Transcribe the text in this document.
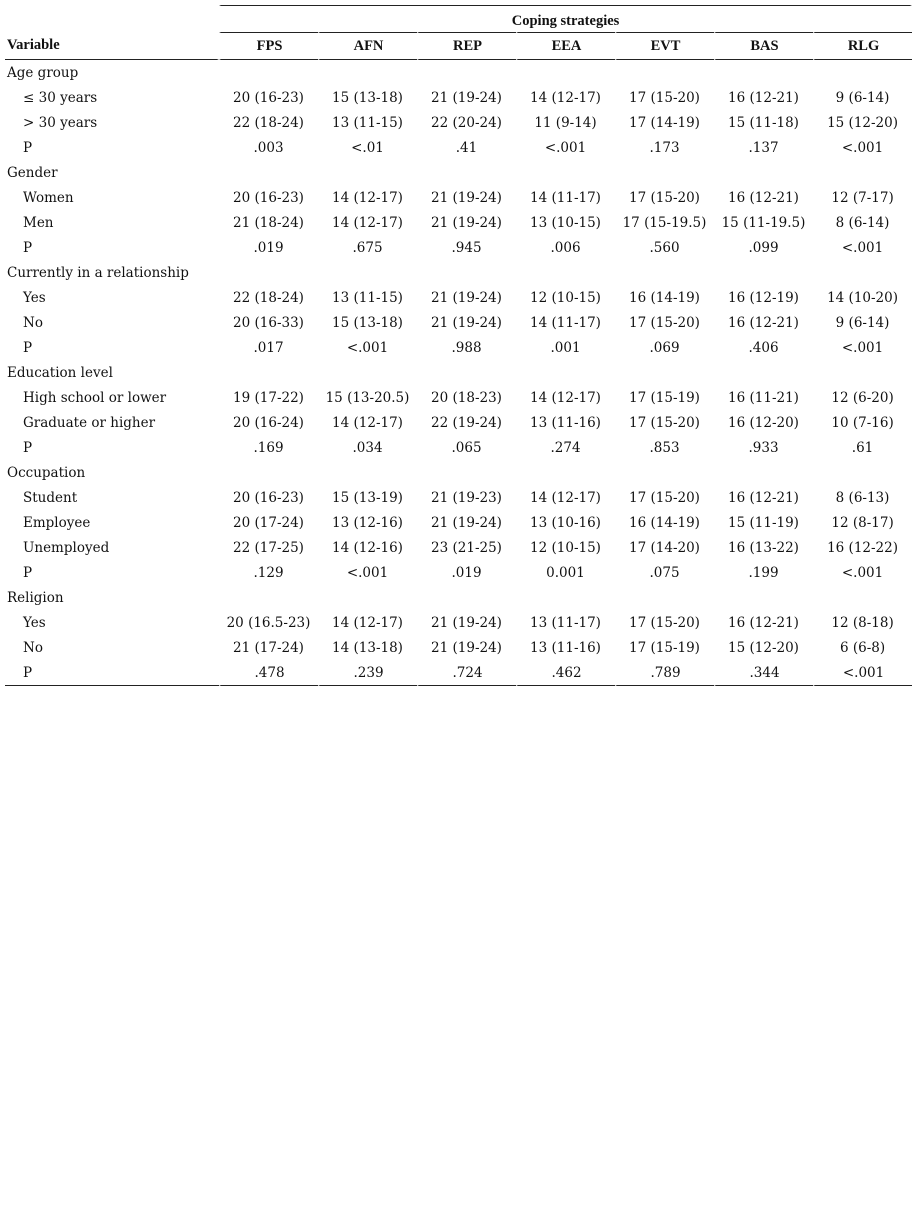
	Coping strategies						
Variable	FPS	AFN	REP	EEA	EVT	BAS	RLG
Age group							
≤ 30 years	20 (16-23)	15 (13-18)	21 (19-24)	14 (12-17)	17 (15-20)	16 (12-21)	9 (6-14)
> 30 years	22 (18-24)	13 (11-15)	22 (20-24)	11 (9-14)	17 (14-19)	15 (11-18)	15 (12-20)
P	.003	<.01	.41	<.001	.173	.137	<.001
Gender							
Women	20 (16-23)	14 (12-17)	21 (19-24)	14 (11-17)	17 (15-20)	16 (12-21)	12 (7-17)
Men	21 (18-24)	14 (12-17)	21 (19-24)	13 (10-15)	17 (15-19.5)	15 (11-19.5)	8 (6-14)
P	.019	.675	.945	.006	.560	.099	<.001
Currently in a relationship							
Yes	22 (18-24)	13 (11-15)	21 (19-24)	12 (10-15)	16 (14-19)	16 (12-19)	14 (10-20)
No	20 (16-33)	15 (13-18)	21 (19-24)	14 (11-17)	17 (15-20)	16 (12-21)	9 (6-14)
P	.017	<.001	.988	.001	.069	.406	<.001
Education level							
High school or lower	19 (17-22)	15 (13-20.5)	20 (18-23)	14 (12-17)	17 (15-19)	16 (11-21)	12 (6-20)
Graduate or higher	20 (16-24)	14 (12-17)	22 (19-24)	13 (11-16)	17 (15-20)	16 (12-20)	10 (7-16)
P	.169	.034	.065	.274	.853	.933	.61
Occupation							
Student	20 (16-23)	15 (13-19)	21 (19-23)	14 (12-17)	17 (15-20)	16 (12-21)	8 (6-13)
Employee	20 (17-24)	13 (12-16)	21 (19-24)	13 (10-16)	16 (14-19)	15 (11-19)	12 (8-17)
Unemployed	22 (17-25)	14 (12-16)	23 (21-25)	12 (10-15)	17 (14-20)	16 (13-22)	16 (12-22)
P	.129	<.001	.019	0.001	.075	.199	<.001
Religion							
Yes	20 (16.5-23)	14 (12-17)	21 (19-24)	13 (11-17)	17 (15-20)	16 (12-21)	12 (8-18)
No	21 (17-24)	14 (13-18)	21 (19-24)	13 (11-16)	17 (15-19)	15 (12-20)	6 (6-8)
P	.478	.239	.724	.462	.789	.344	<.001
